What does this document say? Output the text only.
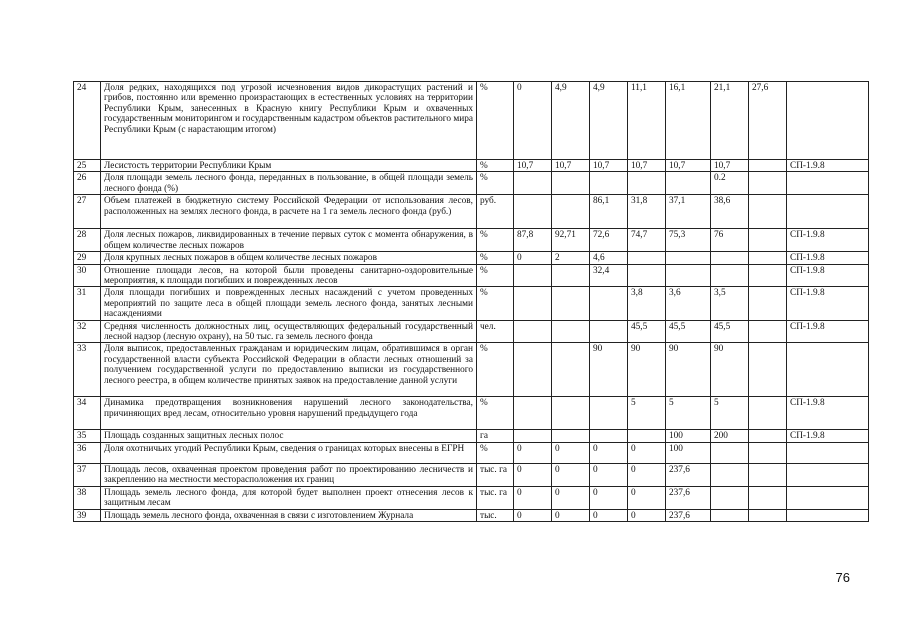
24	Доля редких, находящихся под угрозой исчезновения видов дикорастущих растений и грибов, постоянно или временно произрастающих в естественных условиях на территории Республики Крым, занесенных в Красную книгу Республики Крым и охваченных государственным мониторингом и государственным кадастром объектов растительного мира Республики Крым (с нарастающим итогом)	%	0	4,9	4,9	11,1	16,1	21,1	27,6	
25	Лесистость территории Республики Крым	%	10,7	10,7	10,7	10,7	10,7	10,7		СП-1.9.8
26	Доля площади земель лесного фонда, переданных в пользование, в общей площади земель лесного фонда (%)	%						0.2		
27	Объем платежей в бюджетную систему Российской Федерации от использования лесов, расположенных на землях лесного фонда, в расчете на 1 га земель лесного фонда (руб.)	руб.			86,1	31,8	37,1	38,6		
28	Доля лесных пожаров, ликвидированных в течение первых суток с момента обнаружения, в общем количестве лесных пожаров	%	87,8	92,71	72,6	74,7	75,3	76		СП-1.9.8
29	Доля крупных лесных пожаров в общем количестве лесных пожаров	%	0	2	4,6					СП-1.9.8
30	Отношение площади лесов, на которой были проведены санитарно-оздоровительные мероприятия, к площади погибших и поврежденных лесов	%			32,4					СП-1.9.8
31	Доля площади погибших и поврежденных лесных насаждений с учетом проведенных мероприятий по защите леса в общей площади земель лесного фонда, занятых лесными насаждениями	%				3,8	3,6	3,5		СП-1.9.8
32	Средняя численность должностных лиц, осуществляющих федеральный государственный лесной надзор (лесную охрану), на 50 тыс. га земель лесного фонда	чел.				45,5	45,5	45,5		СП-1.9.8
33	Доля выписок, предоставленных гражданам и юридическим лицам, обратившимся в орган государственной власти субъекта Российской Федерации в области лесных отношений за получением государственной услуги по предоставлению выписки из государственного лесного реестра, в общем количестве принятых заявок на предоставление данной услуги	%			90	90	90	90		
34	Динамика предотвращения возникновения нарушений лесного законодательства, причиняющих вред лесам, относительно уровня нарушений предыдущего года	%				5	5	5		СП-1.9.8
35	Площадь созданных защитных лесных полос	га					100	200		СП-1.9.8
36	Доля охотничьих угодий Республики Крым, сведения о границах которых внесены в ЕГРН	%	0	0	0	0	100			
37	Площадь лесов, охваченная проектом проведения работ по проектированию лесничеств и закреплению на местности месторасположения их границ	тыс. га	0	0	0	0	237,6			
38	Площадь земель лесного фонда, для которой будет выполнен проект отнесения лесов к защитным лесам	тыс. га	0	0	0	0	237,6			
39	Площадь земель лесного фонда, охваченная в связи с изготовлением Журнала	тыс.	0	0	0	0	237,6			
76
